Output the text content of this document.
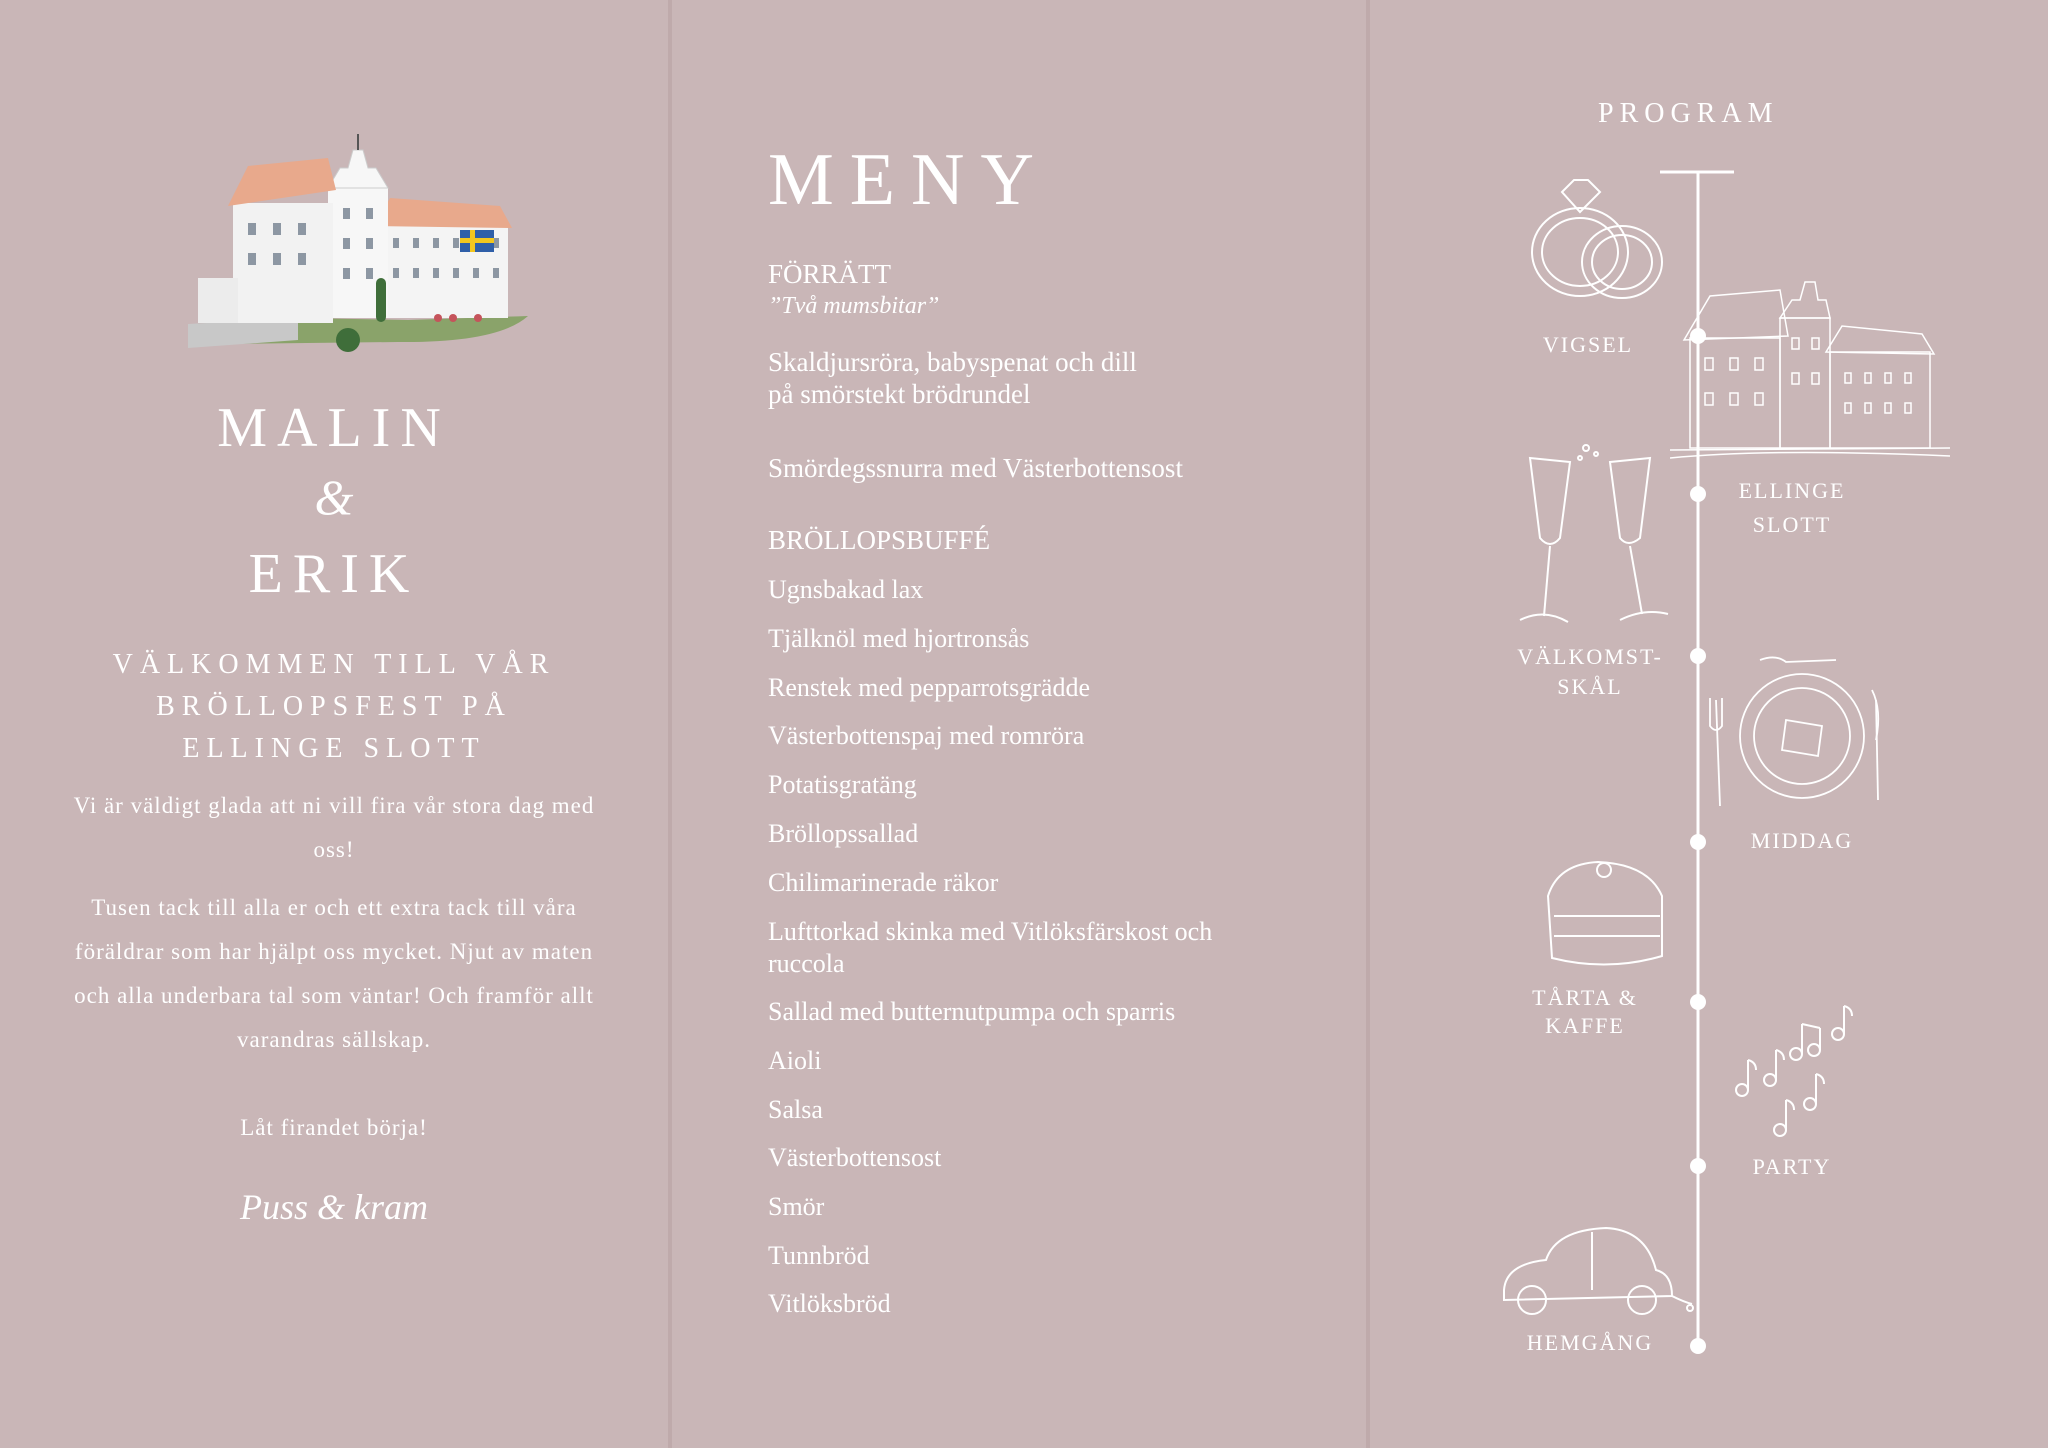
MALIN
&
ERIK
VÄLKOMMEN TILL VÅR BRÖLLOPSFEST PÅ ELLINGE SLOTT
Vi är väldigt glada att ni vill fira vår stora dag med oss!
Tusen tack till alla er och ett extra tack till våra föräldrar som har hjälpt oss mycket. Njut av maten och alla underbara tal som väntar! Och framför allt varandras sällskap.
Låt firandet börja!
Puss & kram
MENY
FÖRRÄTT
”Två mumsbitar”
Skaldjursröra, babyspenat och dill på smörstekt brödrundel
Smördegssnurra med Västerbottensost
BRÖLLOPSBUFFÉ
Ugnsbakad lax
Tjälknöl med hjortronsås
Renstek med pepparrotsgrädde
Västerbottenspaj med romröra
Potatisgratäng
Bröllopssallad
Chilimarinerade räkor
Lufttorkad skinka med Vitlöksfärskost och ruccola
Sallad med butternutpumpa och sparris
Aioli
Salsa
Västerbottensost
Smör
Tunnbröd
Vitlöksbröd
PROGRAM
VIGSEL
ELLINGE SLOTT
VÄLKOMST-SKÅL
MIDDAG
TÅRTA & KAFFE
PARTY
HEMGÅNG
